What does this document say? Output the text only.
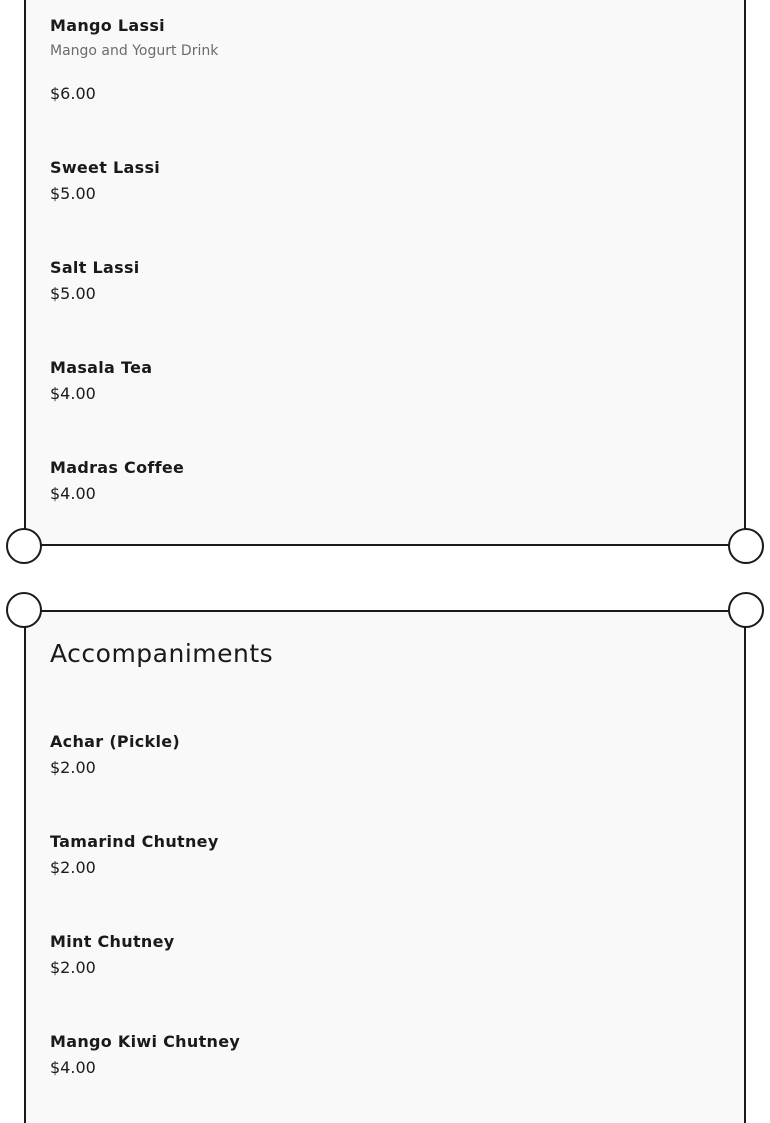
Mango Lassi
Mango and Yogurt Drink
$6.00
Sweet Lassi
$5.00
Salt Lassi
$5.00
Masala Tea
$4.00
Madras Coffee
$4.00
Accompaniments
Achar (Pickle)
$2.00
Tamarind Chutney
$2.00
Mint Chutney
$2.00
Mango Kiwi Chutney
$4.00
